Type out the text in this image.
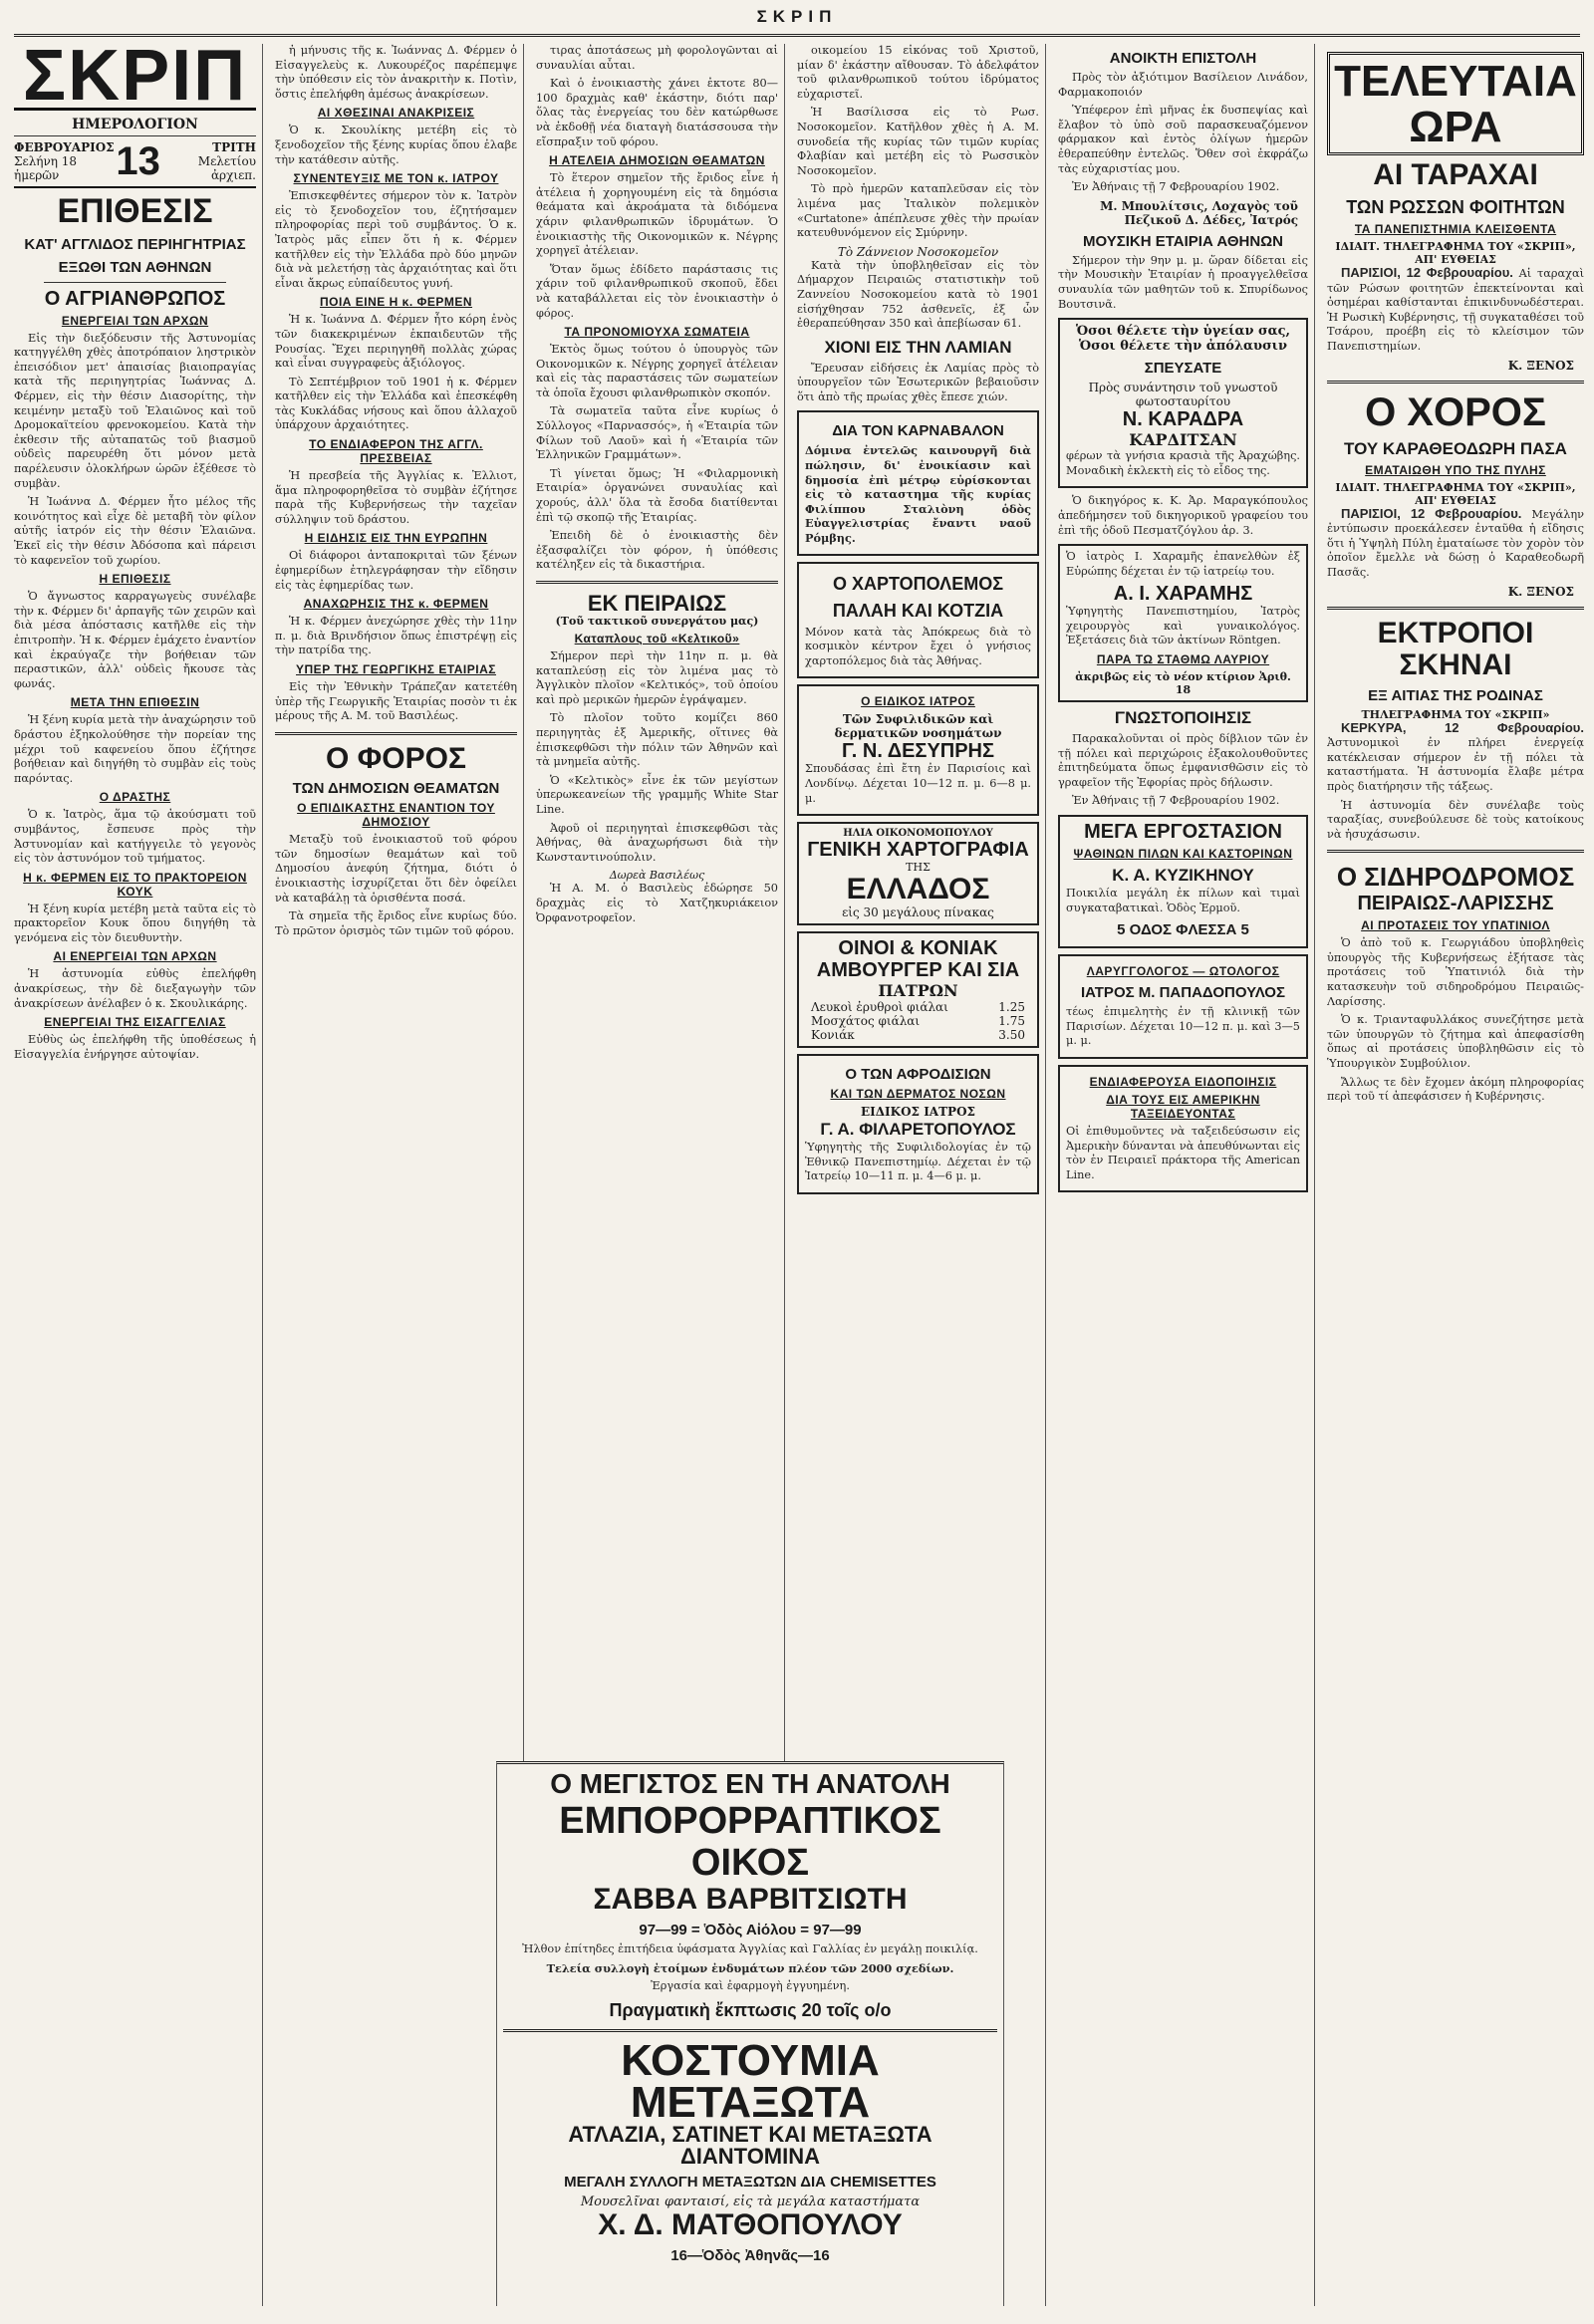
ΣΚΡΙΠ
ΣΚΡΙΠ
ΗΜΕΡΟΛΟΓΙΟΝ
ΦΕΒΡΟΥΑΡΙΟΣ
Σελήνη 18 ἡμερῶν	13	ΤΡΙΤΗ
Μελετίου ἀρχιεπ.
ΕΠΙΘΕΣΙΣ
ΚΑΤ' ΑΓΓΛΙΔΟΣ ΠΕΡΙΗΓΗΤΡΙΑΣ
ΕΞΩΘΙ ΤΩΝ ΑΘΗΝΩΝ
Ο ΑΓΡΙΑΝΘΡΩΠΟΣ
ΕΝΕΡΓΕΙΑΙ ΤΩΝ ΑΡΧΩΝ

Εἰς τὴν διεξόδευσιν τῆς Ἀστυνομίας κατηγγέλθη χθὲς ἀποτρόπαιον ληστρικὸν ἐπεισόδιον μετ' ἀπαισίας βιαιοπραγίας κατὰ τῆς περιηγητρίας Ἰωάννας Δ. Φέρμεν, εἰς τὴν θέσιν Διασορίτης, τὴν κειμένην μεταξὺ τοῦ Ἐλαιῶνος καὶ τοῦ Δρομοκαϊτείου φρενοκομείου. Κατὰ τὴν ἐκθεσιν τῆς αὐταπατῶς τοῦ βιασμοῦ οὐδεὶς παρευρέθη ὅτι μόνον μετὰ παρέλευσιν ὀλοκλήρων ὡρῶν ἐξέθεσε τὸ συμβὰν.

Ἡ Ἰωάννα Δ. Φέρμεν ἦτο μέλος τῆς κοινότητος καὶ εἶχε δὲ μεταβῆ τὸν φίλον αὐτῆς ἰατρόν εἰς τὴν θέσιν Ἐλαιῶνα. Ἐκεῖ εἰς τὴν θέσιν Ἀδόσοπα καὶ πάρεισι τὸ καφενεῖον τοῦ χωρίου.

Η ΕΠΙΘΕΣΙΣ

Ὁ ἄγνωστος καρραγωγεὺς συνέλαβε τὴν κ. Φέρμεν δι' ἀρπαγῆς τῶν χειρῶν καὶ διὰ μέσα ἀπόστασις κατῆλθε εἰς τὴν ἐπιτροπὴν. Ἡ κ. Φέρμεν ἐμάχετο ἐναντίον καὶ ἐκραύγαζε τὴν βοήθειαν τῶν περαστικῶν, ἀλλ' οὐδεὶς ἤκουσε τὰς φωνάς.

ΜΕΤΑ ΤΗΝ ΕΠΙΘΕΣΙΝ

Ἡ ξένη κυρία μετὰ τὴν ἀναχώρησιν τοῦ δράστου ἐξηκολούθησε τὴν πορείαν της μέχρι τοῦ καφενείου ὅπου ἐζήτησε βοήθειαν καὶ διηγήθη τὸ συμβὰν εἰς τοὺς παρόντας.

Ο ΔΡΑΣΤΗΣ

Ὁ κ. Ἰατρὸς, ἅμα τῷ ἀκούσματι τοῦ συμβάντος, ἔσπευσε πρὸς τὴν Ἀστυνομίαν καὶ κατήγγειλε τὸ γεγονὸς εἰς τὸν ἀστυνόμον τοῦ τμήματος.

Η κ. ΦΕΡΜΕΝ ΕΙΣ ΤΟ ΠΡΑΚΤΟΡΕΙΟΝ ΚΟΥΚ

Ἡ ξένη κυρία μετέβη μετὰ ταῦτα εἰς τὸ πρακτορεῖον Κουκ ὅπου διηγήθη τὰ γενόμενα εἰς τὸν διευθυντὴν.

ΑΙ ΕΝΕΡΓΕΙΑΙ ΤΩΝ ΑΡΧΩΝ

Ἡ ἀστυνομία εὐθὺς ἐπελήφθη ἀνακρίσεως, τὴν δὲ διεξαγωγὴν τῶν ἀνακρίσεων ἀνέλαβεν ὁ κ. Σκουλικάρης.

ΕΝΕΡΓΕΙΑΙ ΤΗΣ ΕΙΣΑΓΓΕΛΙΑΣ

Εὐθὺς ὡς ἐπελήφθη τῆς ὑποθέσεως ἡ Εἰσαγγελία ἐνήργησε αὐτοψίαν.

ἡ μήνυσις τῆς κ. Ἰωάννας Δ. Φέρμεν ὁ Εἰσαγγελεὺς κ. Λυκουρέζος παρέπεμψε τὴν ὑπόθεσιν εἰς τὸν ἀνακριτὴν κ. Ποτὶν, ὅστις ἐπελήφθη ἀμέσως ἀνακρίσεων.

ΑΙ ΧΘΕΣΙΝΑΙ ΑΝΑΚΡΙΣΕΙΣ

Ὁ κ. Σκουλίκης μετέβη εἰς τὸ ξενοδοχεῖον τῆς ξένης κυρίας ὅπου ἐλαβε τὴν κατάθεσιν αὐτῆς.

ΣΥΝΕΝΤΕΥΞΙΣ ΜΕ ΤΟΝ κ. ΙΑΤΡΟΥ

Ἐπισκεφθέντες σήμερον τὸν κ. Ἰατρὸν εἰς τὸ ξενοδοχεῖον του, ἐζητήσαμεν πληροφορίας περὶ τοῦ συμβάντος. Ὁ κ. Ἰατρὸς μᾶς εἶπεν ὅτι ἡ κ. Φέρμεν κατῆλθεν εἰς τὴν Ἑλλάδα πρὸ δύο μηνῶν διὰ νὰ μελετήσῃ τὰς ἀρχαιότητας καὶ ὅτι εἶναι ἄκρως εὐπαίδευτος γυνή.

ΠΟΙΑ ΕΙΝΕ Η κ. ΦΕΡΜΕΝ

Ἡ κ. Ἰωάννα Δ. Φέρμεν ἦτο κόρη ἐνὸς τῶν διακεκριμένων ἐκπαιδευτῶν τῆς Ρουσίας. Ἔχει περιηγηθῆ πολλὰς χώρας καὶ εἶναι συγγραφεὺς ἀξιόλογος.

Τὸ Σεπτέμβριον τοῦ 1901 ἡ κ. Φέρμεν κατῆλθεν εἰς τὴν Ἑλλάδα καὶ ἐπεσκέφθη τὰς Κυκλάδας νήσους καὶ ὅπου ἀλλαχοῦ ὑπάρχουν ἀρχαιότητες.

ΤΟ ΕΝΔΙΑΦΕΡΟΝ ΤΗΣ ΑΓΓΛ. ΠΡΕΣΒΕΙΑΣ

Ἡ πρεσβεία τῆς Ἀγγλίας κ. Ἐλλιοτ, ἅμα πληροφορηθεῖσα τὸ συμβὰν ἐζήτησε παρὰ τῆς Κυβερνήσεως τὴν ταχεῖαν σύλληψιν τοῦ δράστου.

Η ΕΙΔΗΣΙΣ ΕΙΣ ΤΗΝ ΕΥΡΩΠΗΝ

Οἱ διάφοροι ἀνταποκριταὶ τῶν ξένων ἐφημερίδων ἐτηλεγράφησαν τὴν εἴδησιν εἰς τὰς ἐφημερίδας των.

ΑΝΑΧΩΡΗΣΙΣ ΤΗΣ κ. ΦΕΡΜΕΝ

Ἡ κ. Φέρμεν ἀνεχώρησε χθὲς τὴν 11ην π. μ. διὰ Βρινδήσιον ὅπως ἐπιστρέψῃ εἰς τὴν πατρίδα της.

ΥΠΕΡ ΤΗΣ ΓΕΩΡΓΙΚΗΣ ΕΤΑΙΡΙΑΣ

Εἰς τὴν Ἐθνικὴν Τράπεζαν κατετέθη ὑπὲρ τῆς Γεωργικῆς Ἑταιρίας ποσὸν τι ἐκ μέρους τῆς Α. Μ. τοῦ Βασιλέως.

Ο ΦΟΡΟΣ
ΤΩΝ ΔΗΜΟΣΙΩΝ ΘΕΑΜΑΤΩΝ
Ο ΕΠΙΔΙΚΑΣΤΗΣ ΕΝΑΝΤΙΟΝ ΤΟΥ ΔΗΜΟΣΙΟΥ

Μεταξὺ τοῦ ἐνοικιαστοῦ τοῦ φόρου τῶν δημοσίων θεαμάτων καὶ τοῦ Δημοσίου ἀνεφύη ζήτημα, διότι ὁ ἐνοικιαστὴς ἰσχυρίζεται ὅτι δὲν ὀφείλει νὰ καταβάλῃ τὰ ὁρισθέντα ποσά.

Τὰ σημεῖα τῆς ἔριδος εἶνε κυρίως δύο. Τὸ πρῶτον ὁρισμὸς τῶν τιμῶν τοῦ φόρου.

τιρας ἀποτάσεως μὴ φορολογῶνται αἱ συναυλίαι αὗται.

Καὶ ὁ ἐνοικιαστὴς χάνει ἐκτοτε 80—100 δραχμὰς καθ' ἑκάστην, διότι παρ' ὅλας τὰς ἐνεργείας του δὲν κατώρθωσε νὰ ἐκδοθῇ νέα διαταγὴ διατάσσουσα τὴν εἴσπραξιν τοῦ φόρου.

Η ΑΤΕΛΕΙΑ ΔΗΜΟΣΙΩΝ ΘΕΑΜΑΤΩΝ

Τὸ ἕτερον σημεῖον τῆς ἔριδος εἶνε ἡ ἀτέλεια ἡ χορηγουμένη εἰς τὰ δημόσια θεάματα καὶ ἀκροάματα τὰ διδόμενα χάριν φιλανθρωπικῶν ἱδρυμάτων. Ὁ ἐνοικιαστὴς τῆς Οικονομικῶν κ. Νέγρης χορηγεῖ ἀτέλειαν.

Ὅταν ὅμως ἐδίδετο παράστασις τις χάριν τοῦ φιλανθρωπικοῦ σκοποῦ, ἔδει νὰ καταβάλλεται εἰς τὸν ἐνοικιαστὴν ὁ φόρος.

ΤΑ ΠΡΟΝΟΜΙΟΥΧΑ ΣΩΜΑΤΕΙΑ

Ἐκτὸς ὅμως τούτου ὁ ὑπουργὸς τῶν Οικονομικῶν κ. Νέγρης χορηγεῖ ἀτέλειαν καὶ εἰς τὰς παραστάσεις τῶν σωματείων τὰ ὁποῖα ἔχουσι φιλανθρωπικὸν σκοπόν.

Τὰ σωματεῖα ταῦτα εἶνε κυρίως ὁ Σύλλογος «Παρνασσός», ἡ «Ἑταιρία τῶν Φίλων τοῦ Λαοῦ» καὶ ἡ «Ἑταιρία τῶν Ἑλληνικῶν Γραμμάτων».

Τὶ γίνεται ὅμως; Ἡ «Φιλαρμονικὴ Εταιρία» ὀργανώνει συναυλίας καὶ χορούς, ἀλλ' ὅλα τὰ ἔσοδα διατίθενται ἐπὶ τῷ σκοπῷ τῆς Ἑταιρίας.

Ἐπειδὴ δὲ ὁ ἐνοικιαστὴς δὲν ἐξασφαλίζει τὸν φόρον, ἡ ὑπόθεσις κατέληξεν εἰς τὰ δικαστήρια.

ΕΚ ΠΕΙΡΑΙΩΣ
(Τοῦ τακτικοῦ συνεργάτου μας)
Καταπλους τοῦ «Κελτικοῦ»

Σήμερον περὶ τὴν 11ην π. μ. θὰ καταπλεύσῃ εἰς τὸν λιμένα μας τὸ Ἀγγλικὸν πλοῖον «Κελτικός», τοῦ ὁποίου καὶ πρὸ μερικῶν ἡμερῶν ἐγράψαμεν.

Τὸ πλοῖον τοῦτο κομίζει 860 περιηγητὰς ἐξ Ἀμερικῆς, οἵτινες θὰ ἐπισκεφθῶσι τὴν πόλιν τῶν Ἀθηνῶν καὶ τὰ μνημεῖα αὐτῆς.

Ὁ «Κελτικὸς» εἶνε ἐκ τῶν μεγίστων ὑπερωκεανείων τῆς γραμμῆς White Star Line.

Ἀφοῦ οἱ περιηγηταὶ ἐπισκεφθῶσι τὰς Ἀθήνας, θὰ ἀναχωρήσωσι διὰ τὴν Κωνσταντινούπολιν.

Δωρεὰ Βασιλέως

Ἡ Α. Μ. ὁ Βασιλεὺς ἐδώρησε 50 δραχμὰς εἰς τὸ Χατζηκυριάκειον Ὀρφανοτροφεῖον.

οικομείου 15 εἰκόνας τοῦ Χριστοῦ, μίαν δ' ἑκάστην αἴθουσαν. Τὸ ἀδελφάτον τοῦ φιλανθρωπικοῦ τούτου ἱδρύματος εὐχαριστεῖ.

Ἡ Βασίλισσα εἰς τὸ Ρωσ. Νοσοκομεῖον. Κατῆλθον χθὲς ἡ Α. Μ. συνοδεία τῆς κυρίας τῶν τιμῶν κυρίας Φλαβίαν καὶ μετέβη εἰς τὸ Ρωσσικὸν Νοσοκομεῖον.

Τὸ πρὸ ἡμερῶν καταπλεῦσαν εἰς τὸν λιμένα μας Ἰταλικὸν πολεμικὸν «Curtatone» ἀπέπλευσε χθὲς τὴν πρωίαν κατευθυνόμενον εἰς Σμύρνην.

Τὸ Ζάννειον Νοσοκομεῖον

Κατὰ τὴν ὑποβληθεῖσαν εἰς τὸν Δήμαρχον Πειραιῶς στατιστικὴν τοῦ Ζαννείου Νοσοκομείου κατὰ τὸ 1901 εἰσήχθησαν 752 ἀσθενεῖς, ἐξ ὧν ἐθεραπεύθησαν 350 καὶ ἀπεβίωσαν 61.

ΧΙΟΝΙ ΕΙΣ ΤΗΝ ΛΑΜΙΑΝ

Ἔρευσαν εἰδήσεις ἐκ Λαμίας πρὸς τὸ ὑπουργεῖον τῶν Ἐσωτερικῶν βεβαιοῦσιν ὅτι ἀπὸ τῆς πρωίας χθὲς ἔπεσε χιών.

ΔΙΑ ΤΟΝ ΚΑΡΝΑΒΑΛΟΝ

Δόμινα ἐντελῶς καινουργῆ διὰ πώλησιν, δι' ἐνοικίασιν καὶ δημοσία ἐπὶ μέτρῳ εὑρίσκονται εἰς τὸ καταστημα τῆς κυρίας Φιλίππου Σταλιὸνη ὁδὸς Εὐαγγελιστρίας ἔναντι ναοῦ Ρόμβης.

Ο ΧΑΡΤΟΠΟΛΕΜΟΣ
ΠΑΛΑΗ ΚΑΙ ΚΟΤΖΙΑ

Μόνον κατὰ τὰς Ἀπόκρεως διὰ τὸ κοσμικὸν κέντρον ἔχει ὁ γνήσιος χαρτοπόλεμος διὰ τὰς Ἀθήνας.

Ο ΕΙΔΙΚΟΣ ΙΑΤΡΟΣ
Τῶν Συφιλιδικῶν καὶ δερματικῶν νοσημάτων
Γ. Ν. ΔΕΣΥΠΡΗΣ

Σπουδάσας ἐπὶ ἔτη ἐν Παρισίοις καὶ Λονδίνῳ. Δέχεται 10—12 π. μ. 6—8 μ. μ.

ΗΛΙΑ ΟΙΚΟΝΟΜΟΠΟΥΛΟΥ
ΓΕΝΙΚΗ ΧΑΡΤΟΓΡΑΦΙΑ
ΤΗΣ
ΕΛΛΑΔΟΣ
εἰς 30 μεγάλους πίνακας
ΟΙΝΟΙ & ΚΟΝΙΑΚ
ΑΜΒΟΥΡΓΕΡ ΚΑΙ ΣΙΑ
ΠΑΤΡΩΝ
Λευκοὶ ἐρυθροὶ φιάλαι	1.25
Μοσχάτος φιάλαι	1.75
Κονιάκ	3.50
Ο ΤΩΝ ΑΦΡΟΔΙΣΙΩΝ
ΚΑΙ ΤΩΝ ΔΕΡΜΑΤΟΣ ΝΟΣΩΝ
ΕΙΔΙΚΟΣ ΙΑΤΡΟΣ
Γ. Α. ΦΙΛΑΡΕΤΟΠΟΥΛΟΣ

Ὑφηγητὴς τῆς Συφιλιδολογίας ἐν τῷ Ἐθνικῷ Πανεπιστημίῳ. Δέχεται ἐν τῷ Ἰατρείῳ 10—11 π. μ. 4—6 μ. μ.

ΑΝΟΙΚΤΗ ΕΠΙΣΤΟΛΗ

Πρὸς τὸν ἀξιότιμον Βασίλειον Λινάδον, Φαρμακοποιόν

Ὑπέφερον ἐπὶ μῆνας ἐκ δυσπεψίας καὶ ἔλαβον τὸ ὑπὸ σοῦ παρασκευαζόμενον φάρμακον καὶ ἐντὸς ὀλίγων ἡμερῶν ἐθεραπεύθην ἐντελῶς. Ὅθεν σοὶ ἐκφράζω τὰς εὐχαριστίας μου.

Ἐν Ἀθήναις τῇ 7 Φεβρουαρίου 1902.

Μ. Μπουλίτσις, Λοχαγὸς τοῦ Πεζικοῦ Δ. Δέδες, Ἰατρός
ΜΟΥΣΙΚΗ ΕΤΑΙΡΙΑ ΑΘΗΝΩΝ

Σήμερον τὴν 9ην μ. μ. ὥραν δίδεται εἰς τὴν Μουσικὴν Ἑταιρίαν ἡ προαγγελθεῖσα συναυλία τῶν μαθητῶν τοῦ κ. Σπυρίδωνος Βουτσινᾶ.

Ὁσοι θέλετε τὴν ὑγείαν σας, Ὁσοι θέλετε τὴν ἀπόλαυσιν
ΣΠΕΥΣΑΤΕ
Πρὸς συνάντησιν τοῦ γνωστοῦ φωτοσταυρίτου
Ν. ΚΑΡΑΔΡΑ
ΚΑΡΔΙΤΣΑΝ

φέρων τὰ γνήσια κρασιὰ τῆς Ἀραχώβης. Μοναδικὴ ἐκλεκτὴ εἰς τὸ εἶδος της.

Ὁ δικηγόρος κ. Κ. Ἀρ. Μαραγκόπουλος ἀπεδήμησεν τοῦ δικηγορικοῦ γραφείου του ἐπὶ τῆς ὁδοῦ Πεσματζόγλου ἀρ. 3.

Ὁ ἰατρὸς Ι. Χαραμῆς ἐπανελθὼν ἐξ Εὐρώπης δέχεται ἐν τῷ ἰατρείῳ του.

Α. Ι. ΧΑΡΑΜΗΣ

Ὑφηγητὴς Πανεπιστημίου, Ἰατρὸς χειρουργὸς καὶ γυναικολόγος. Ἐξετάσεις διὰ τῶν ἀκτίνων Röntgen.

ΠΑΡΑ ΤΩ ΣΤΑΘΜΩ ΛΑΥΡΙΟΥ
ἀκριβῶς εἰς τὸ νέον κτίριον Ἀριθ. 18
ΓΝΩΣΤΟΠΟΙΗΣΙΣ

Παρακαλοῦνται οἱ πρὸς δίβλιον τῶν ἐν τῇ πόλει καὶ περιχώροις ἐξακολουθοῦντες ἐπιτηδεύματα ὅπως ἐμφανισθῶσιν εἰς τὸ γραφεῖον τῆς Ἐφορίας πρὸς δήλωσιν.

Ἐν Ἀθήναις τῇ 7 Φεβρουαρίου 1902.

ΜΕΓΑ ΕΡΓΟΣΤΑΣΙΟΝ
ΨΑΘΙΝΩΝ ΠΙΛΩΝ ΚΑΙ ΚΑΣΤΟΡΙΝΩΝ
Κ. Α. ΚΥΖΙΚΗΝΟΥ

Ποικιλία μεγάλη ἐκ πίλων καὶ τιμαὶ συγκαταβατικαὶ. Ὁδὸς Ἑρμοῦ.

5 ΟΔΟΣ ΦΛΕΣΣΑ 5
ΛΑΡΥΓΓΟΛΟΓΟΣ — ΩΤΟΛΟΓΟΣ
ΙΑΤΡΟΣ Μ. ΠΑΠΑΔΟΠΟΥΛΟΣ

τέως ἐπιμελητὴς ἐν τῇ κλινικῇ τῶν Παρισίων. Δέχεται 10—12 π. μ. καὶ 3—5 μ. μ.

ΕΝΔΙΑΦΕΡΟΥΣΑ ΕΙΔΟΠΟΙΗΣΙΣ
ΔΙΑ ΤΟΥΣ ΕΙΣ ΑΜΕΡΙΚΗΝ ΤΑΞΕΙΔΕΥΟΝΤΑΣ

Οἱ ἐπιθυμοῦντες νὰ ταξειδεύσωσιν εἰς Ἀμερικὴν δύνανται νὰ ἀπευθύνωνται εἰς τὸν ἐν Πειραιεῖ πράκτορα τῆς American Line.

ΤΕΛΕΥΤΑΙΑ ΩΡΑ
ΑΙ ΤΑΡΑΧΑΙ
ΤΩΝ ΡΩΣΣΩΝ ΦΟΙΤΗΤΩΝ
ΤΑ ΠΑΝΕΠΙΣΤΗΜΙΑ ΚΛΕΙΣΘΕΝΤΑ
ΙΔΙΑΙΤ. ΤΗΛΕΓΡΑΦΗΜΑ ΤΟΥ «ΣΚΡΙΠ», ΑΠ' ΕΥΘΕΙΑΣ

ΠΑΡΙΣΙΟΙ, 12 Φεβρουαρίου. Αἱ ταραχαὶ τῶν Ρώσων φοιτητῶν ἐπεκτείνονται καὶ ὁσημέραι καθίστανται ἐπικινδυνωδέστεραι. Ἡ Ρωσικὴ Κυβέρνησις, τῇ συγκαταθέσει τοῦ Τσάρου, προέβη εἰς τὸ κλείσιμον τῶν Πανεπιστημίων.

Κ. ΞΕΝΟΣ
Ο ΧΟΡΟΣ
ΤΟΥ ΚΑΡΑΘΕΟΔΩΡΗ ΠΑΣΑ
ΕΜΑΤΑΙΩΘΗ ΥΠΟ ΤΗΣ ΠΥΛΗΣ
ΙΔΙΑΙΤ. ΤΗΛΕΓΡΑΦΗΜΑ ΤΟΥ «ΣΚΡΙΠ», ΑΠ' ΕΥΘΕΙΑΣ

ΠΑΡΙΣΙΟΙ, 12 Φεβρουαρίου. Μεγάλην ἐντύπωσιν προεκάλεσεν ἐνταῦθα ἡ εἴδησις ὅτι ἡ Ὑψηλὴ Πύλη ἐματαίωσε τὸν χορὸν τὸν ὁποῖον ἔμελλε νὰ δώσῃ ὁ Καραθεοδωρῆ Πασᾶς.

Κ. ΞΕΝΟΣ
ΕΚΤΡΟΠΟΙ ΣΚΗΝΑΙ
ΕΞ ΑΙΤΙΑΣ ΤΗΣ ΡΟΔΙΝΑΣ
ΤΗΛΕΓΡΑΦΗΜΑ ΤΟΥ «ΣΚΡΙΠ»

ΚΕΡΚΥΡΑ, 12 Φεβρουαρίου. Ἀστυνομικοὶ ἐν πλήρει ἐνεργείᾳ κατέκλεισαν σήμερον ἐν τῇ πόλει τὰ καταστήματα. Ἡ ἀστυνομία ἔλαβε μέτρα πρὸς διατήρησιν τῆς τάξεως.

Ἡ ἀστυνομία δὲν συνέλαβε τοὺς ταραξίας, συνεβούλευσε δὲ τοὺς κατοίκους νὰ ἡσυχάσωσιν.

Ο ΣΙΔΗΡΟΔΡΟΜΟΣ
ΠΕΙΡΑΙΩΣ-ΛΑΡΙΣΣΗΣ
ΑΙ ΠΡΟΤΑΣΕΙΣ ΤΟΥ ΥΠΑΤΙΝΙΟΛ

Ὁ ἀπὸ τοῦ κ. Γεωργιάδου ὑποβληθεὶς ὑπουργὸς τῆς Κυβερνήσεως ἐξήτασε τὰς προτάσεις τοῦ Ὑπατινιόλ διὰ τὴν κατασκευὴν τοῦ σιδηροδρόμου Πειραιῶς-Λαρίσσης.

Ὁ κ. Τριανταφυλλάκος συνεζήτησε μετὰ τῶν ὑπουργῶν τὸ ζήτημα καὶ ἀπεφασίσθη ὅπως αἱ προτάσεις ὑποβληθῶσιν εἰς τὸ Ὑπουργικὸν Συμβούλιον.

Ἄλλως τε δὲν ἔχομεν ἀκόμη πληροφορίας περὶ τοῦ τί ἀπεφάσισεν ἡ Κυβέρνησις.

Ο ΜΕΓΙΣΤΟΣ ΕΝ ΤΗ ΑΝΑΤΟΛΗ
ΕΜΠΟΡΟΡΡΑΠΤΙΚΟΣ ΟΙΚΟΣ
ΣΑΒΒΑ ΒΑΡΒΙΤΣΙΩΤΗ
97—99 = Ὁδὸς Αἰόλου = 97—99

Ἠλθον ἐπίτηδες ἐπιτήδεια ὑφάσματα Ἀγγλίας καὶ Γαλλίας ἐν μεγάλῃ ποικιλίᾳ.

Τελεία συλλογὴ ἐτοίμων ἐνδυμάτων πλέον τῶν 2000 σχεδίων.

Ἐργασία καὶ ἐφαρμογὴ ἐγγυημένη.

Πραγματικὴ ἔκπτωσις 20 τοῖς ο/ο
ΚΟΣΤΟΥΜΙΑ ΜΕΤΑΞΩΤΑ
ΑΤΛΑΖΙΑ, ΣΑΤΙΝΕΤ ΚΑΙ ΜΕΤΑΞΩΤΑ ΔΙΑΝΤΟΜΙΝΑ
ΜΕΓΑΛΗ ΣΥΛΛΟΓΗ ΜΕΤΑΞΩΤΩΝ ΔΙΑ CHEMISETTES
Μουσελῖναι φανταισί, εἰς τὰ μεγάλα καταστήματα
Χ. Δ. ΜΑΤΘΟΠΟΥΛΟΥ
16—Ὁδὸς Ἀθηνᾶς—16
